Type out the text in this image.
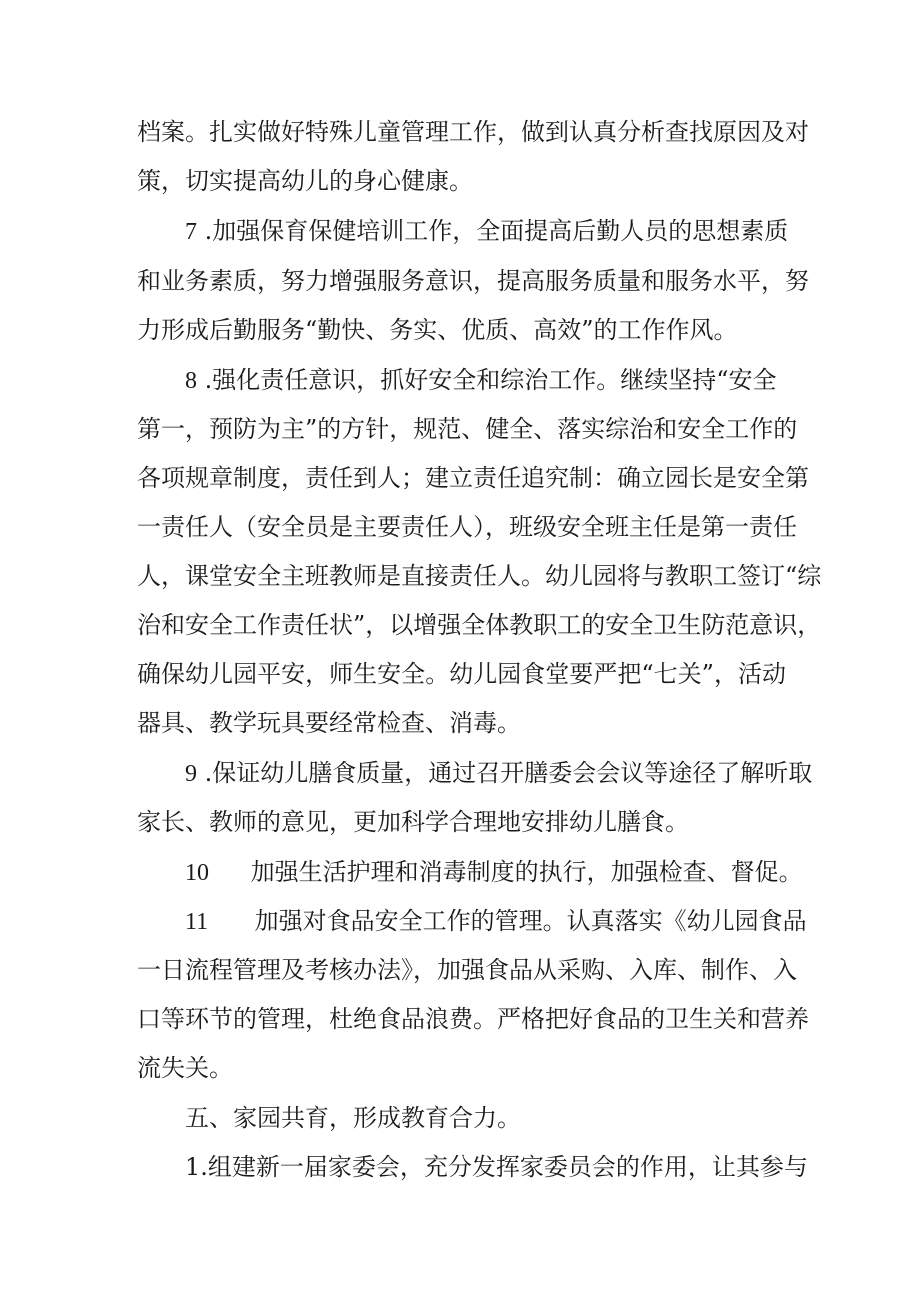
档案。扎实做好特殊儿童管理工作，做到认真分析查找原因及对
策，切实提高幼儿的身心健康。
7 .加强保育保健培训工作，全面提高后勤人员的思想素质
和业务素质，努力增强服务意识，提高服务质量和服务水平，努
力形成后勤服务“勤快、务实、优质、高效”的工作作风。
8 .强化责任意识，抓好安全和综治工作。继续坚持“安全
第一，预防为主”的方针，规范、健全、落实综治和安全工作的
各项规章制度，责任到人；建立责任追究制：确立园长是安全第
一责任人（安全员是主要责任人），班级安全班主任是第一责任
人，课堂安全主班教师是直接责任人。幼儿园将与教职工签订“综
治和安全工作责任状”，以增强全体教职工的安全卫生防范意识，
确保幼儿园平安，师生安全。幼儿园食堂要严把“七关”，活动
器具、教学玩具要经常检查、消毒。
9 .保证幼儿膳食质量，通过召开膳委会会议等途径了解听取
家长、教师的意见，更加科学合理地安排幼儿膳食。
10 加强生活护理和消毒制度的执行，加强检查、督促。
11 加强对食品安全工作的管理。认真落实《幼儿园食品
一日流程管理及考核办法》，加强食品从采购、入库、制作、入
口等环节的管理，杜绝食品浪费。严格把好食品的卫生关和营养
流失关。
五、家园共育，形成教育合力。
1.组建新一届家委会，充分发挥家委员会的作用，让其参与
